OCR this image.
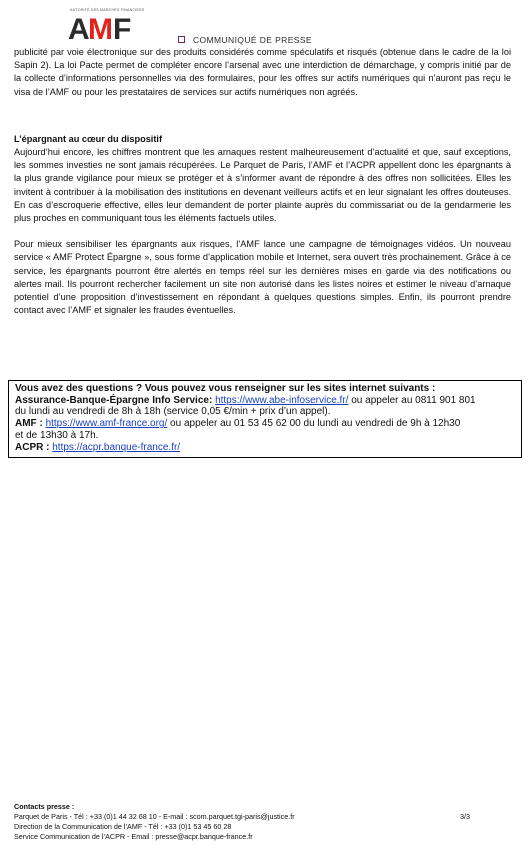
AUTORITÉ DES MARCHÉS FINANCIERS
A M F	COMMUNIQUÉ DE PRESSE

publicité par voie électronique sur des produits considérés comme spéculatifs et risqués (obtenue dans le cadre de la loi Sapin 2). La loi Pacte permet de compléter encore l’arsenal avec une interdiction de démarchage, y compris initié par de la collecte d’informations personnelles via des formulaires, pour les offres sur actifs numériques qui n’auront pas reçu le visa de l’AMF ou pour les prestataires de services sur actifs numériques non agréés.

L’épargnant au cœur du dispositif

Aujourd’hui encore, les chiffres montrent que les arnaques restent malheureusement d’actualité et que, sauf exceptions, les sommes investies ne sont jamais récupérées. Le Parquet de Paris, l’AMF et l’ACPR appellent donc les épargnants à la plus grande vigilance pour mieux se protéger et à s’informer avant de répondre à des offres non sollicitées. Elles les invitent à contribuer à la mobilisation des institutions en devenant veilleurs actifs et en leur signalant les offres douteuses. En cas d’escroquerie effective, elles leur demandent de porter plainte auprès du commissariat ou de la gendarmerie les plus proches en communiquant tous les éléments factuels utiles.

Pour mieux sensibiliser les épargnants aux risques, l’AMF lance une campagne de témoignages vidéos. Un nouveau service « AMF Protect Épargne », sous forme d’application mobile et Internet, sera ouvert très prochainement. Grâce à ce service, les épargnants pourront être alertés en temps réel sur les dernières mises en garde via des notifications ou alertes mail. Ils pourront rechercher facilement un site non autorisé dans les listes noires et estimer le niveau d’arnaque potentiel d’une proposition d’investissement en répondant à quelques questions simples. Enfin, ils pourront prendre contact avec l’AMF et signaler les fraudes éventuelles.

Vous avez des questions ? Vous pouvez vous renseigner sur les sites internet suivants :
Assurance-Banque-Épargne Info Service: https://www.abe-infoservice.fr/ ou appeler au 0811 901 801
du lundi au vendredi de 8h à 18h (service 0,05 €/min + prix d’un appel).
AMF : https://www.amf-france.org/ ou appeler au 01 53 45 62 00 du lundi au vendredi de 9h à 12h30
et de 13h30 à 17h.
ACPR : https://acpr.banque-france.fr/
Contacts presse :
Parquet de Paris - Tél : +33 (0)1 44 32 68 10 - E-mail : scom.parquet.tgi-paris@justice.fr
Direction de la Communication de l’AMF - Tél : +33 (0)1 53 45 60 28
Service Communication de l’ACPR - Email : presse@acpr.banque-france.fr
3/3
